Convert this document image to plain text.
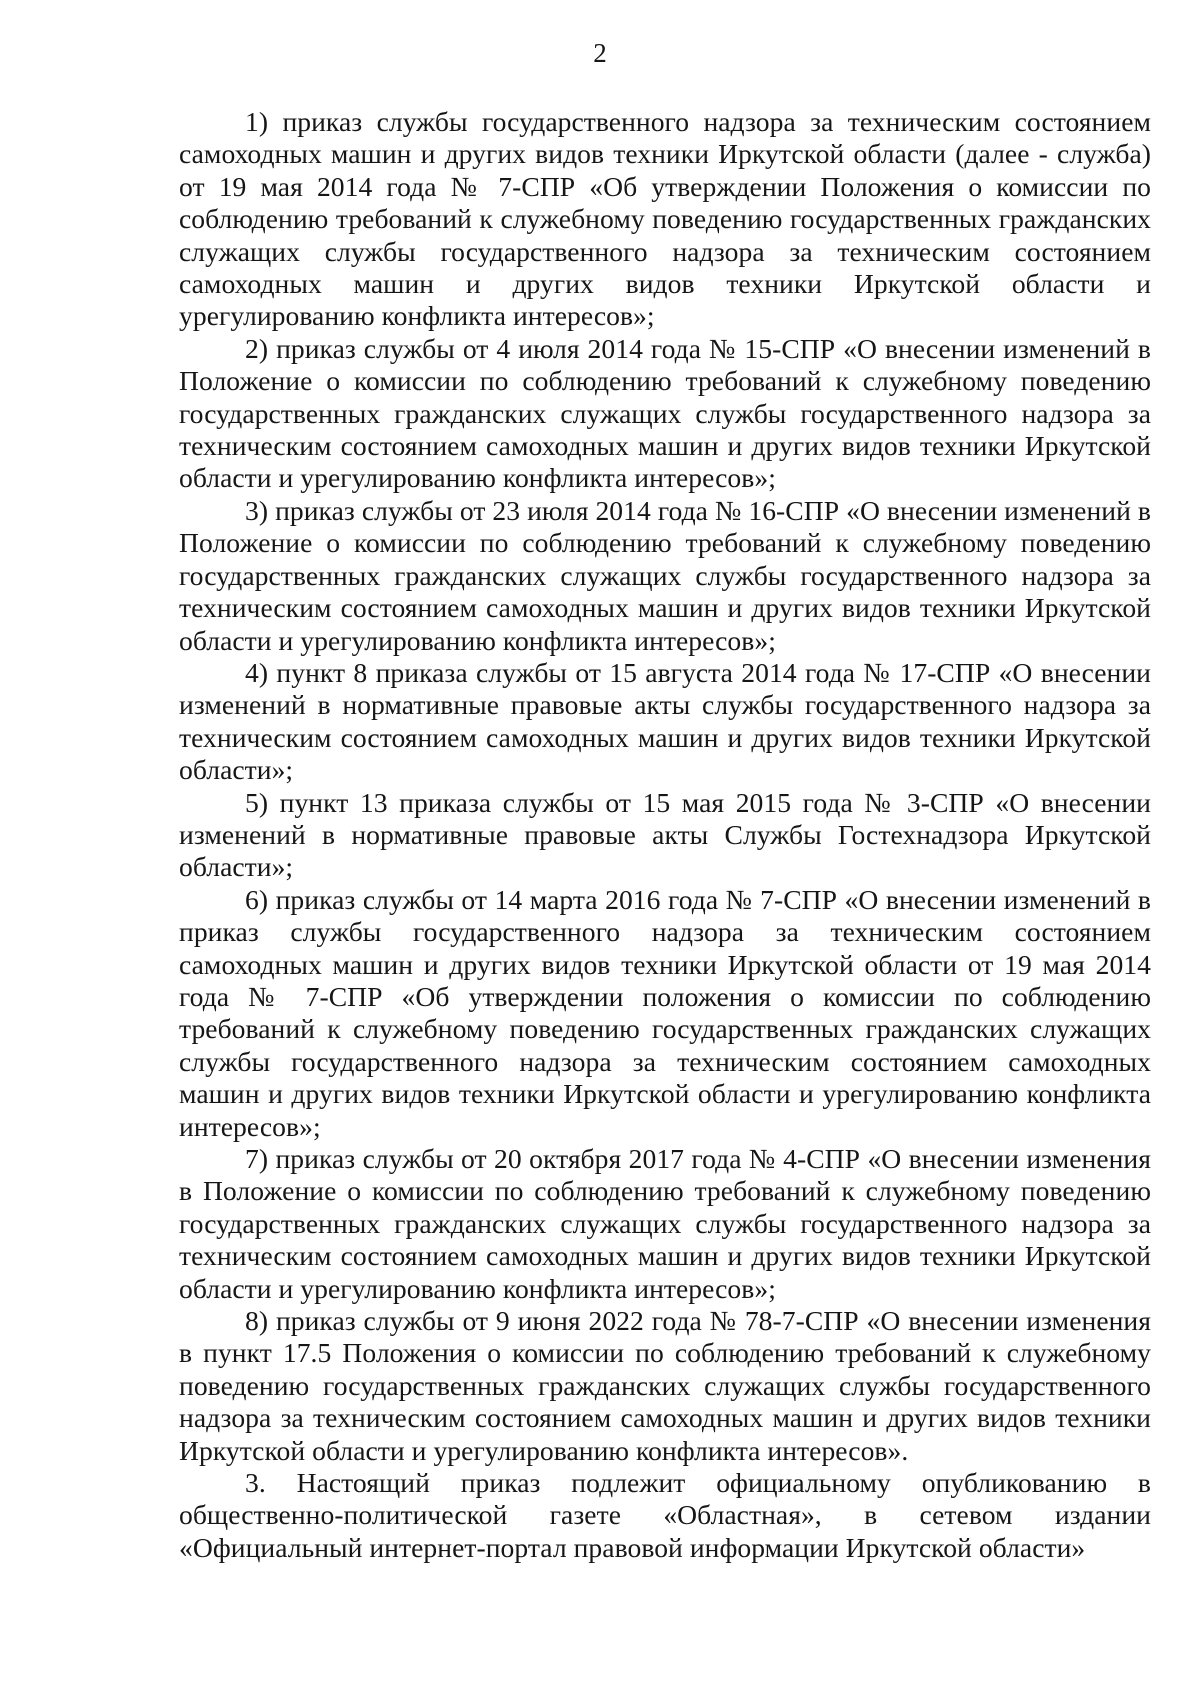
2

1) приказ службы государственного надзора за техническим состоянием самоходных машин и других видов техники Иркутской области (далее - служба) от 19 мая 2014 года № 7-СПР «Об утверждении Положения о комиссии по соблюдению требований к служебному поведению государственных гражданских служащих службы государственного надзора за техническим состоянием самоходных машин и других видов техники Иркутской области и урегулированию конфликта интересов»;

2) приказ службы от 4 июля 2014 года № 15-СПР «О внесении изменений в Положение о комиссии по соблюдению требований к служебному поведению государственных гражданских служащих службы государственного надзора за техническим состоянием самоходных машин и других видов техники Иркутской области и урегулированию конфликта интересов»;

3) приказ службы от 23 июля 2014 года № 16-СПР «О внесении изменений в Положение о комиссии по соблюдению требований к служебному поведению государственных гражданских служащих службы государственного надзора за техническим состоянием самоходных машин и других видов техники Иркутской области и урегулированию конфликта интересов»;

4) пункт 8 приказа службы от 15 августа 2014 года № 17-СПР «О внесении изменений в нормативные правовые акты службы государственного надзора за техническим состоянием самоходных машин и других видов техники Иркутской области»;

5) пункт 13 приказа службы от 15 мая 2015 года № 3-СПР «О внесении изменений в нормативные правовые акты Службы Гостехнадзора Иркутской области»;

6) приказ службы от 14 марта 2016 года № 7-СПР «О внесении изменений в приказ службы государственного надзора за техническим состоянием самоходных машин и других видов техники Иркутской области от 19 мая 2014 года № 7-СПР «Об утверждении положения о комиссии по соблюдению требований к служебному поведению государственных гражданских служащих службы государственного надзора за техническим состоянием самоходных машин и других видов техники Иркутской области и урегулированию конфликта интересов»;

7) приказ службы от 20 октября 2017 года № 4-СПР «О внесении изменения в Положение о комиссии по соблюдению требований к служебному поведению государственных гражданских служащих службы государственного надзора за техническим состоянием самоходных машин и других видов техники Иркутской области и урегулированию конфликта интересов»;

8) приказ службы от 9 июня 2022 года № 78-7-СПР «О внесении изменения в пункт 17.5 Положения о комиссии по соблюдению требований к служебному поведению государственных гражданских служащих службы государственного надзора за техническим состоянием самоходных машин и других видов техники Иркутской области и урегулированию конфликта интересов».

3. Настоящий приказ подлежит официальному опубликованию в общественно-политической газете «Областная», в сетевом издании «Официальный интернет-портал правовой информации Иркутской области»
